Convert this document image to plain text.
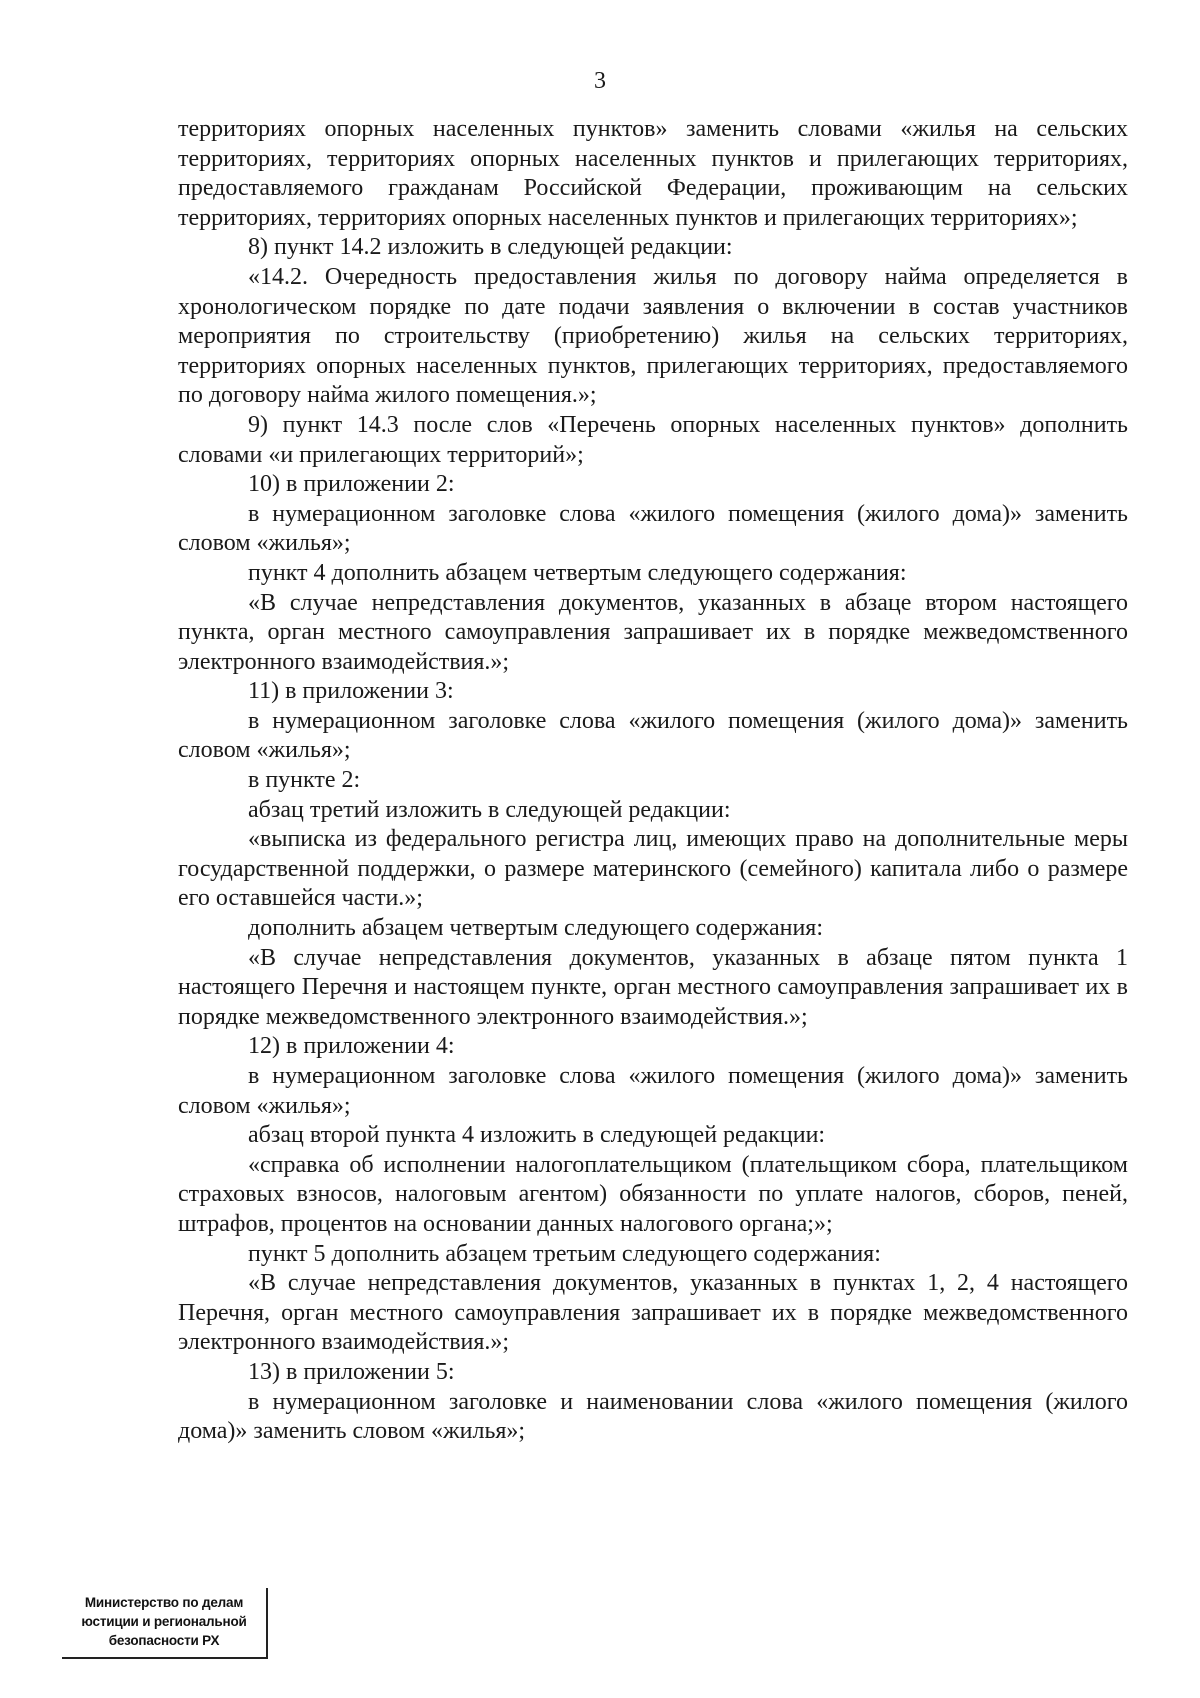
3

территориях опорных населенных пунктов» заменить словами «жилья на сельских территориях, территориях опорных населенных пунктов и прилегающих территориях, предоставляемого гражданам Российской Федерации, проживающим на сельских территориях, территориях опорных населенных пунктов и прилегающих территориях»;

8) пункт 14.2 изложить в следующей редакции:

«14.2. Очередность предоставления жилья по договору найма определяется в хронологическом порядке по дате подачи заявления о включении в состав участников мероприятия по строительству (приобретению) жилья на сельских территориях, территориях опорных населенных пунктов, прилегающих территориях, предоставляемого по договору найма жилого помещения.»;

9) пункт 14.3 после слов «Перечень опорных населенных пунктов» дополнить словами «и прилегающих территорий»;

10) в приложении 2:

в нумерационном заголовке слова «жилого помещения (жилого дома)» заменить словом «жилья»;

пункт 4 дополнить абзацем четвертым следующего содержания:

«В случае непредставления документов, указанных в абзаце втором настоящего пункта, орган местного самоуправления запрашивает их в порядке межведомственного электронного взаимодействия.»;

11) в приложении 3:

в нумерационном заголовке слова «жилого помещения (жилого дома)» заменить словом «жилья»;

в пункте 2:

абзац третий изложить в следующей редакции:

«выписка из федерального регистра лиц, имеющих право на дополнительные меры государственной поддержки, о размере материнского (семейного) капитала либо о размере его оставшейся части.»;

дополнить абзацем четвертым следующего содержания:

«В случае непредставления документов, указанных в абзаце пятом пункта 1 настоящего Перечня и настоящем пункте, орган местного самоуправления запрашивает их в порядке межведомственного электронного взаимодействия.»;

12) в приложении 4:

в нумерационном заголовке слова «жилого помещения (жилого дома)» заменить словом «жилья»;

абзац второй пункта 4 изложить в следующей редакции:

«справка об исполнении налогоплательщиком (плательщиком сбора, плательщиком страховых взносов, налоговым агентом) обязанности по уплате налогов, сборов, пеней, штрафов, процентов на основании данных налогового органа;»;

пункт 5 дополнить абзацем третьим следующего содержания:

«В случае непредставления документов, указанных в пунктах 1, 2, 4 настоящего Перечня, орган местного самоуправления запрашивает их в порядке межведомственного электронного взаимодействия.»;

13) в приложении 5:

в нумерационном заголовке и наименовании слова «жилого помещения (жилого дома)» заменить словом «жилья»;

Министерство по делам
юстиции и региональной
безопасности РХ
